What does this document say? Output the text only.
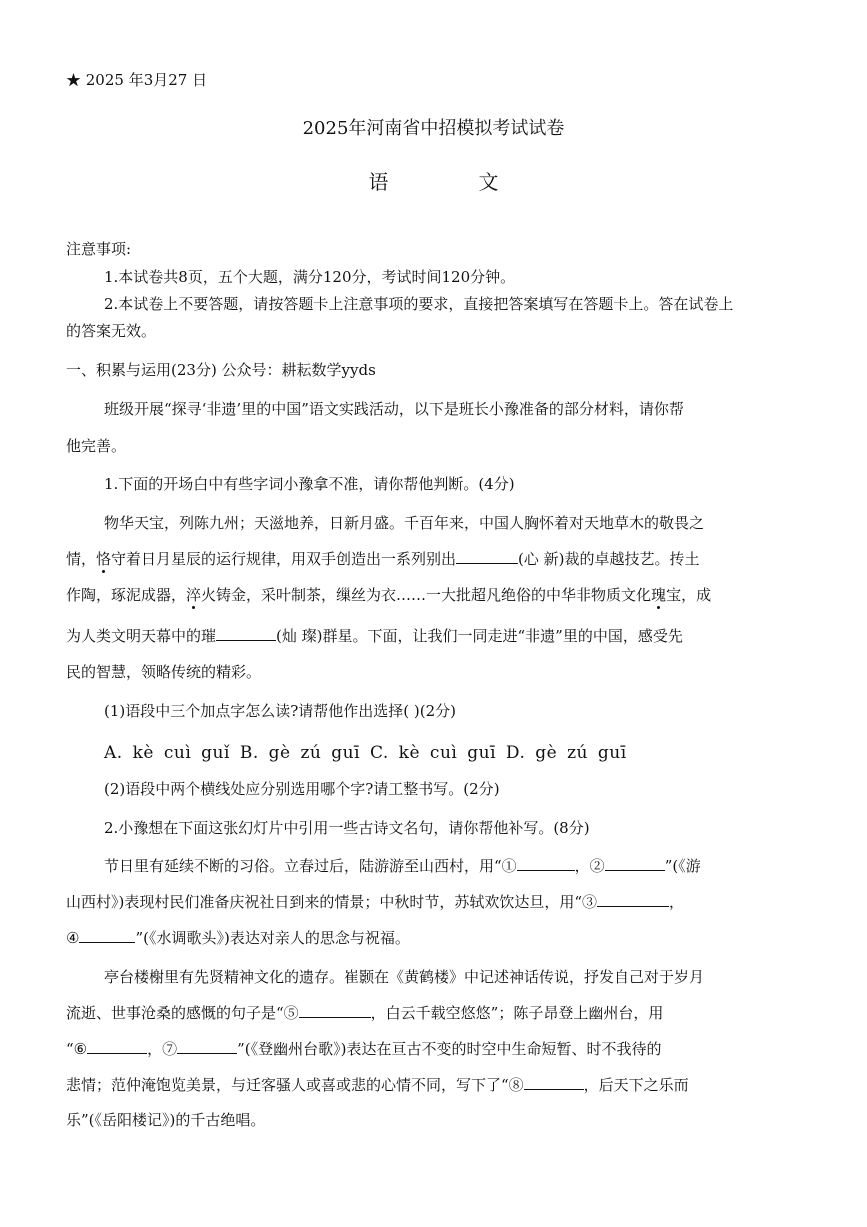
★ 2025 年3月27 日
2025年河南省中招模拟考试试卷
语文
注意事项:
1.本试卷共8页，五个大题，满分120分，考试时间120分钟。
2.本试卷上不要答题，请按答题卡上注意事项的要求，直接把答案填写在答题卡上。答在试卷上
的答案无效。
一、积累与运用(23分) 公众号：耕耘数学yyds
班级开展“探寻‘非遗’里的中国”语文实践活动，以下是班长小豫准备的部分材料，请你帮
他完善。
1.下面的开场白中有些字词小豫拿不准，请你帮他判断。(4分)
物华天宝，列陈九州；天滋地养，日新月盛。千百年来，中国人胸怀着对天地草木的敬畏之
情，恪守着日月星辰的运行规律，用双手创造出一系列别出	(心 新)裁的卓越技艺。抟土
作陶，琢泥成器，淬火铸金，采叶制茶，缫丝为衣……一大批超凡绝俗的中华非物质文化瑰宝，成
为人类文明天幕中的璀	(灿 璨)群星。下面，让我们一同走进“非遗”里的中国，感受先
民的智慧，领略传统的精彩。
(1)语段中三个加点字怎么读?请帮他作出选择( )(2分)
A. kè cuì guǐ B. gè zú guī C. kè cuì guī D. gè zú guī
(2)语段中两个横线处应分别选用哪个字?请工整书写。(2分)
2.小豫想在下面这张幻灯片中引用一些古诗文名句，请你帮他补写。(8分)
节日里有延续不断的习俗。立春过后，陆游游至山西村，用“①	，②	”(《游
山西村》)表现村民们准备庆祝社日到来的情景；中秋时节，苏轼欢饮达旦，用“③	，
④	”(《水调歌头》)表达对亲人的思念与祝福。
亭台楼榭里有先贤精神文化的遗存。崔颢在《黄鹤楼》中记述神话传说，抒发自己对于岁月
流逝、世事沧桑的感慨的句子是“⑤	，白云千载空悠悠”；陈子昂登上幽州台，用
“⑥	，⑦	”(《登幽州台歌》)表达在亘古不变的时空中生命短暂、时不我待的
悲情；范仲淹饱览美景，与迁客骚人或喜或悲的心情不同，写下了“⑧	，后天下之乐而
乐”(《岳阳楼记》)的千古绝唱。
